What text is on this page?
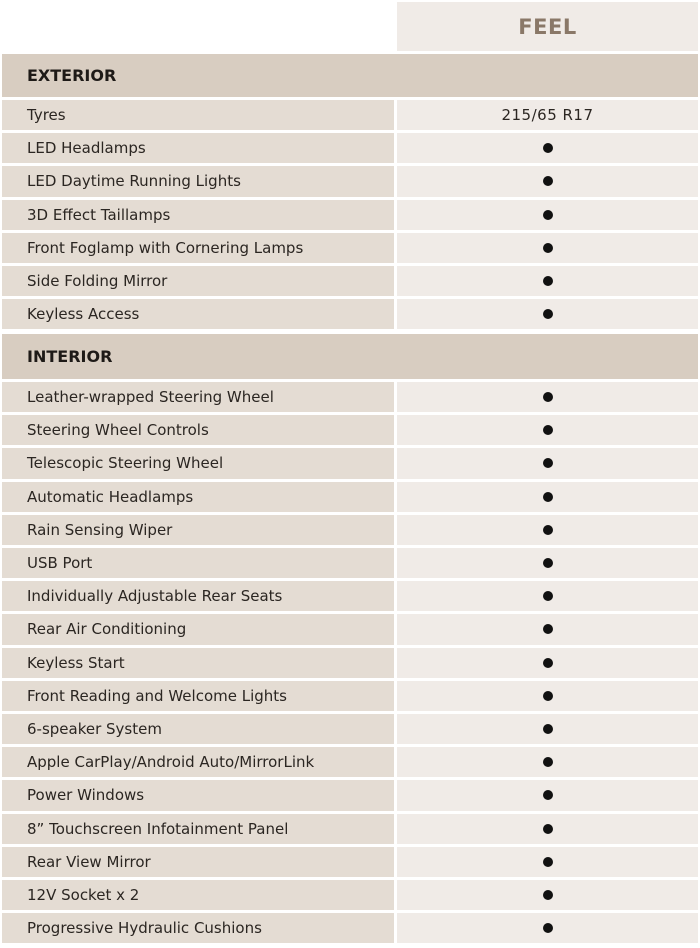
FEEL
EXTERIOR
Tyres	215/65 R17
LED Headlamps
LED Daytime Running Lights
3D Effect Taillamps
Front Foglamp with Cornering Lamps
Side Folding Mirror
Keyless Access
INTERIOR
Leather-wrapped Steering Wheel
Steering Wheel Controls
Telescopic Steering Wheel
Automatic Headlamps
Rain Sensing Wiper
USB Port
Individually Adjustable Rear Seats
Rear Air Conditioning
Keyless Start
Front Reading and Welcome Lights
6-speaker System
Apple CarPlay/Android Auto/MirrorLink
Power Windows
8” Touchscreen Infotainment Panel
Rear View Mirror
12V Socket x 2
Progressive Hydraulic Cushions
